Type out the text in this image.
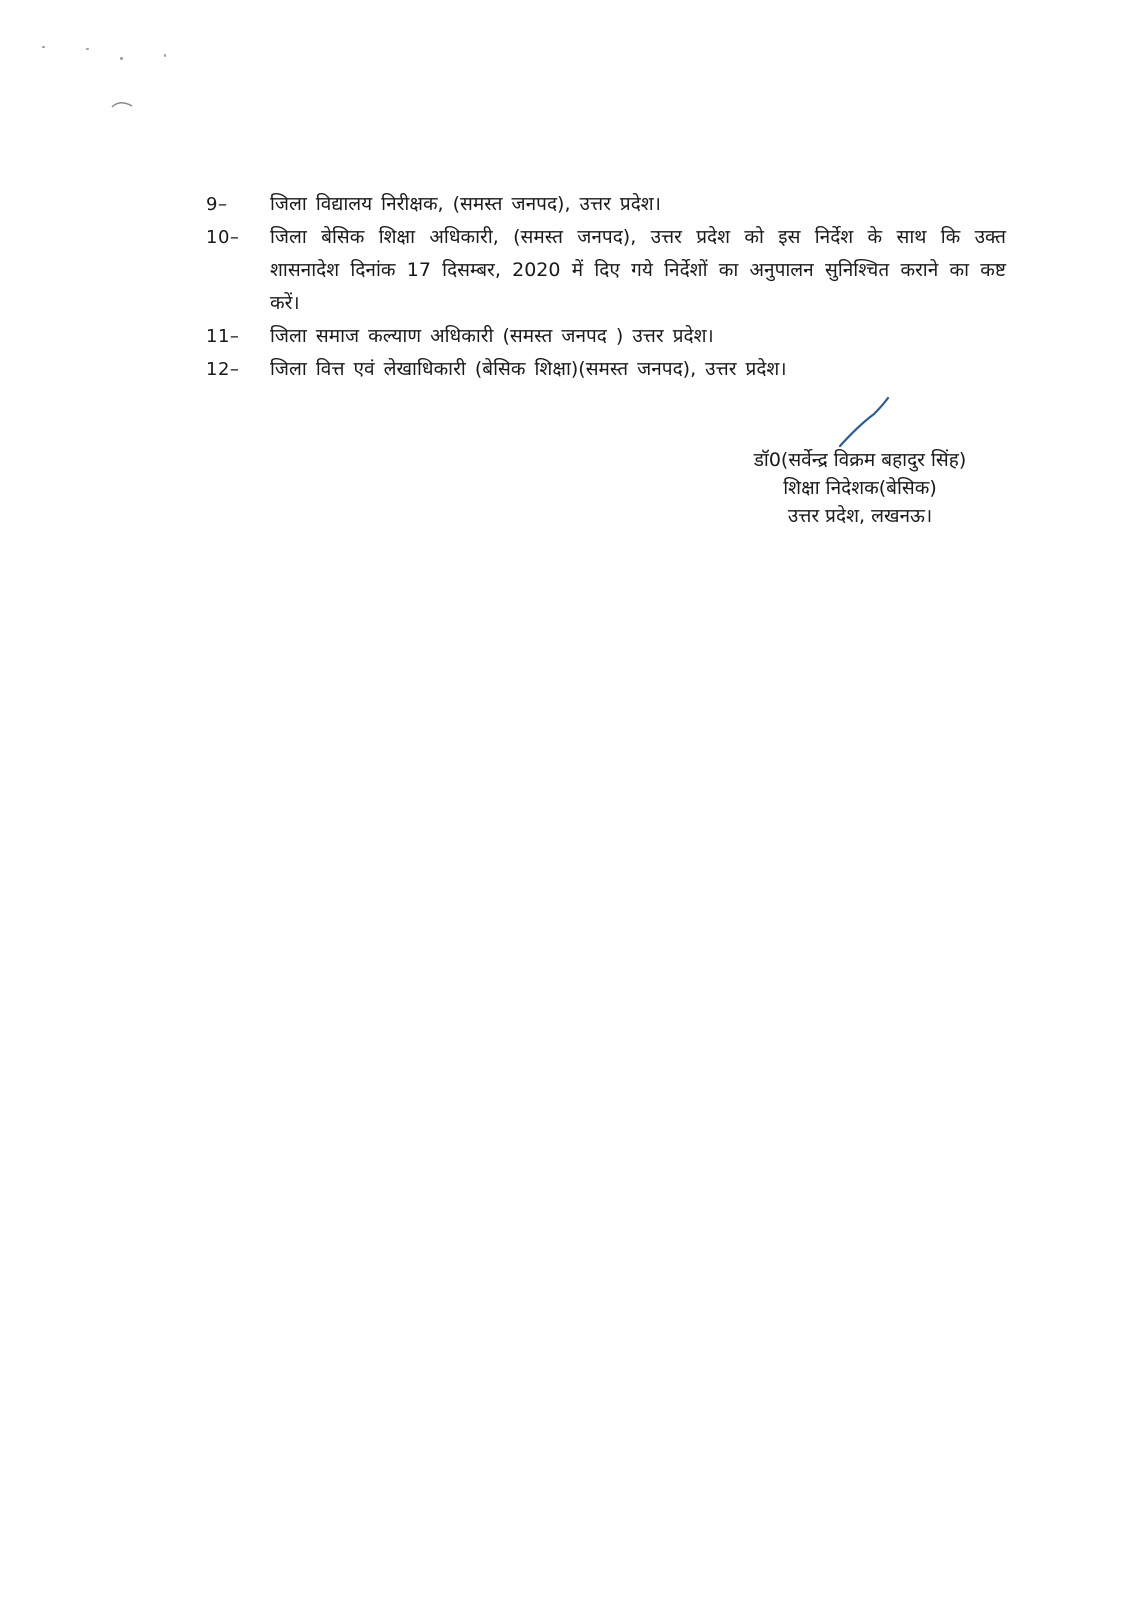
9–	जिला विद्यालय निरीक्षक, (समस्त जनपद), उत्तर प्रदेश।
10–	जिला बेसिक शिक्षा अधिकारी, (समस्त जनपद), उत्तर प्रदेश को इस निर्देश के साथ कि उक्त शासनादेश दिनांक 17 दिसम्बर, 2020 में दिए गये निर्देशों का अनुपालन सुनिश्चित कराने का कष्ट करें।
11–	जिला समाज कल्याण अधिकारी (समस्त जनपद ) उत्तर प्रदेश।
12–	जिला वित्त एवं लेखाधिकारी (बेसिक शिक्षा)(समस्त जनपद), उत्तर प्रदेश।
डॉ0(सर्वेन्द्र विक्रम बहादुर सिंह)
शिक्षा निदेशक(बेसिक)
उत्तर प्रदेश, लखनऊ।
